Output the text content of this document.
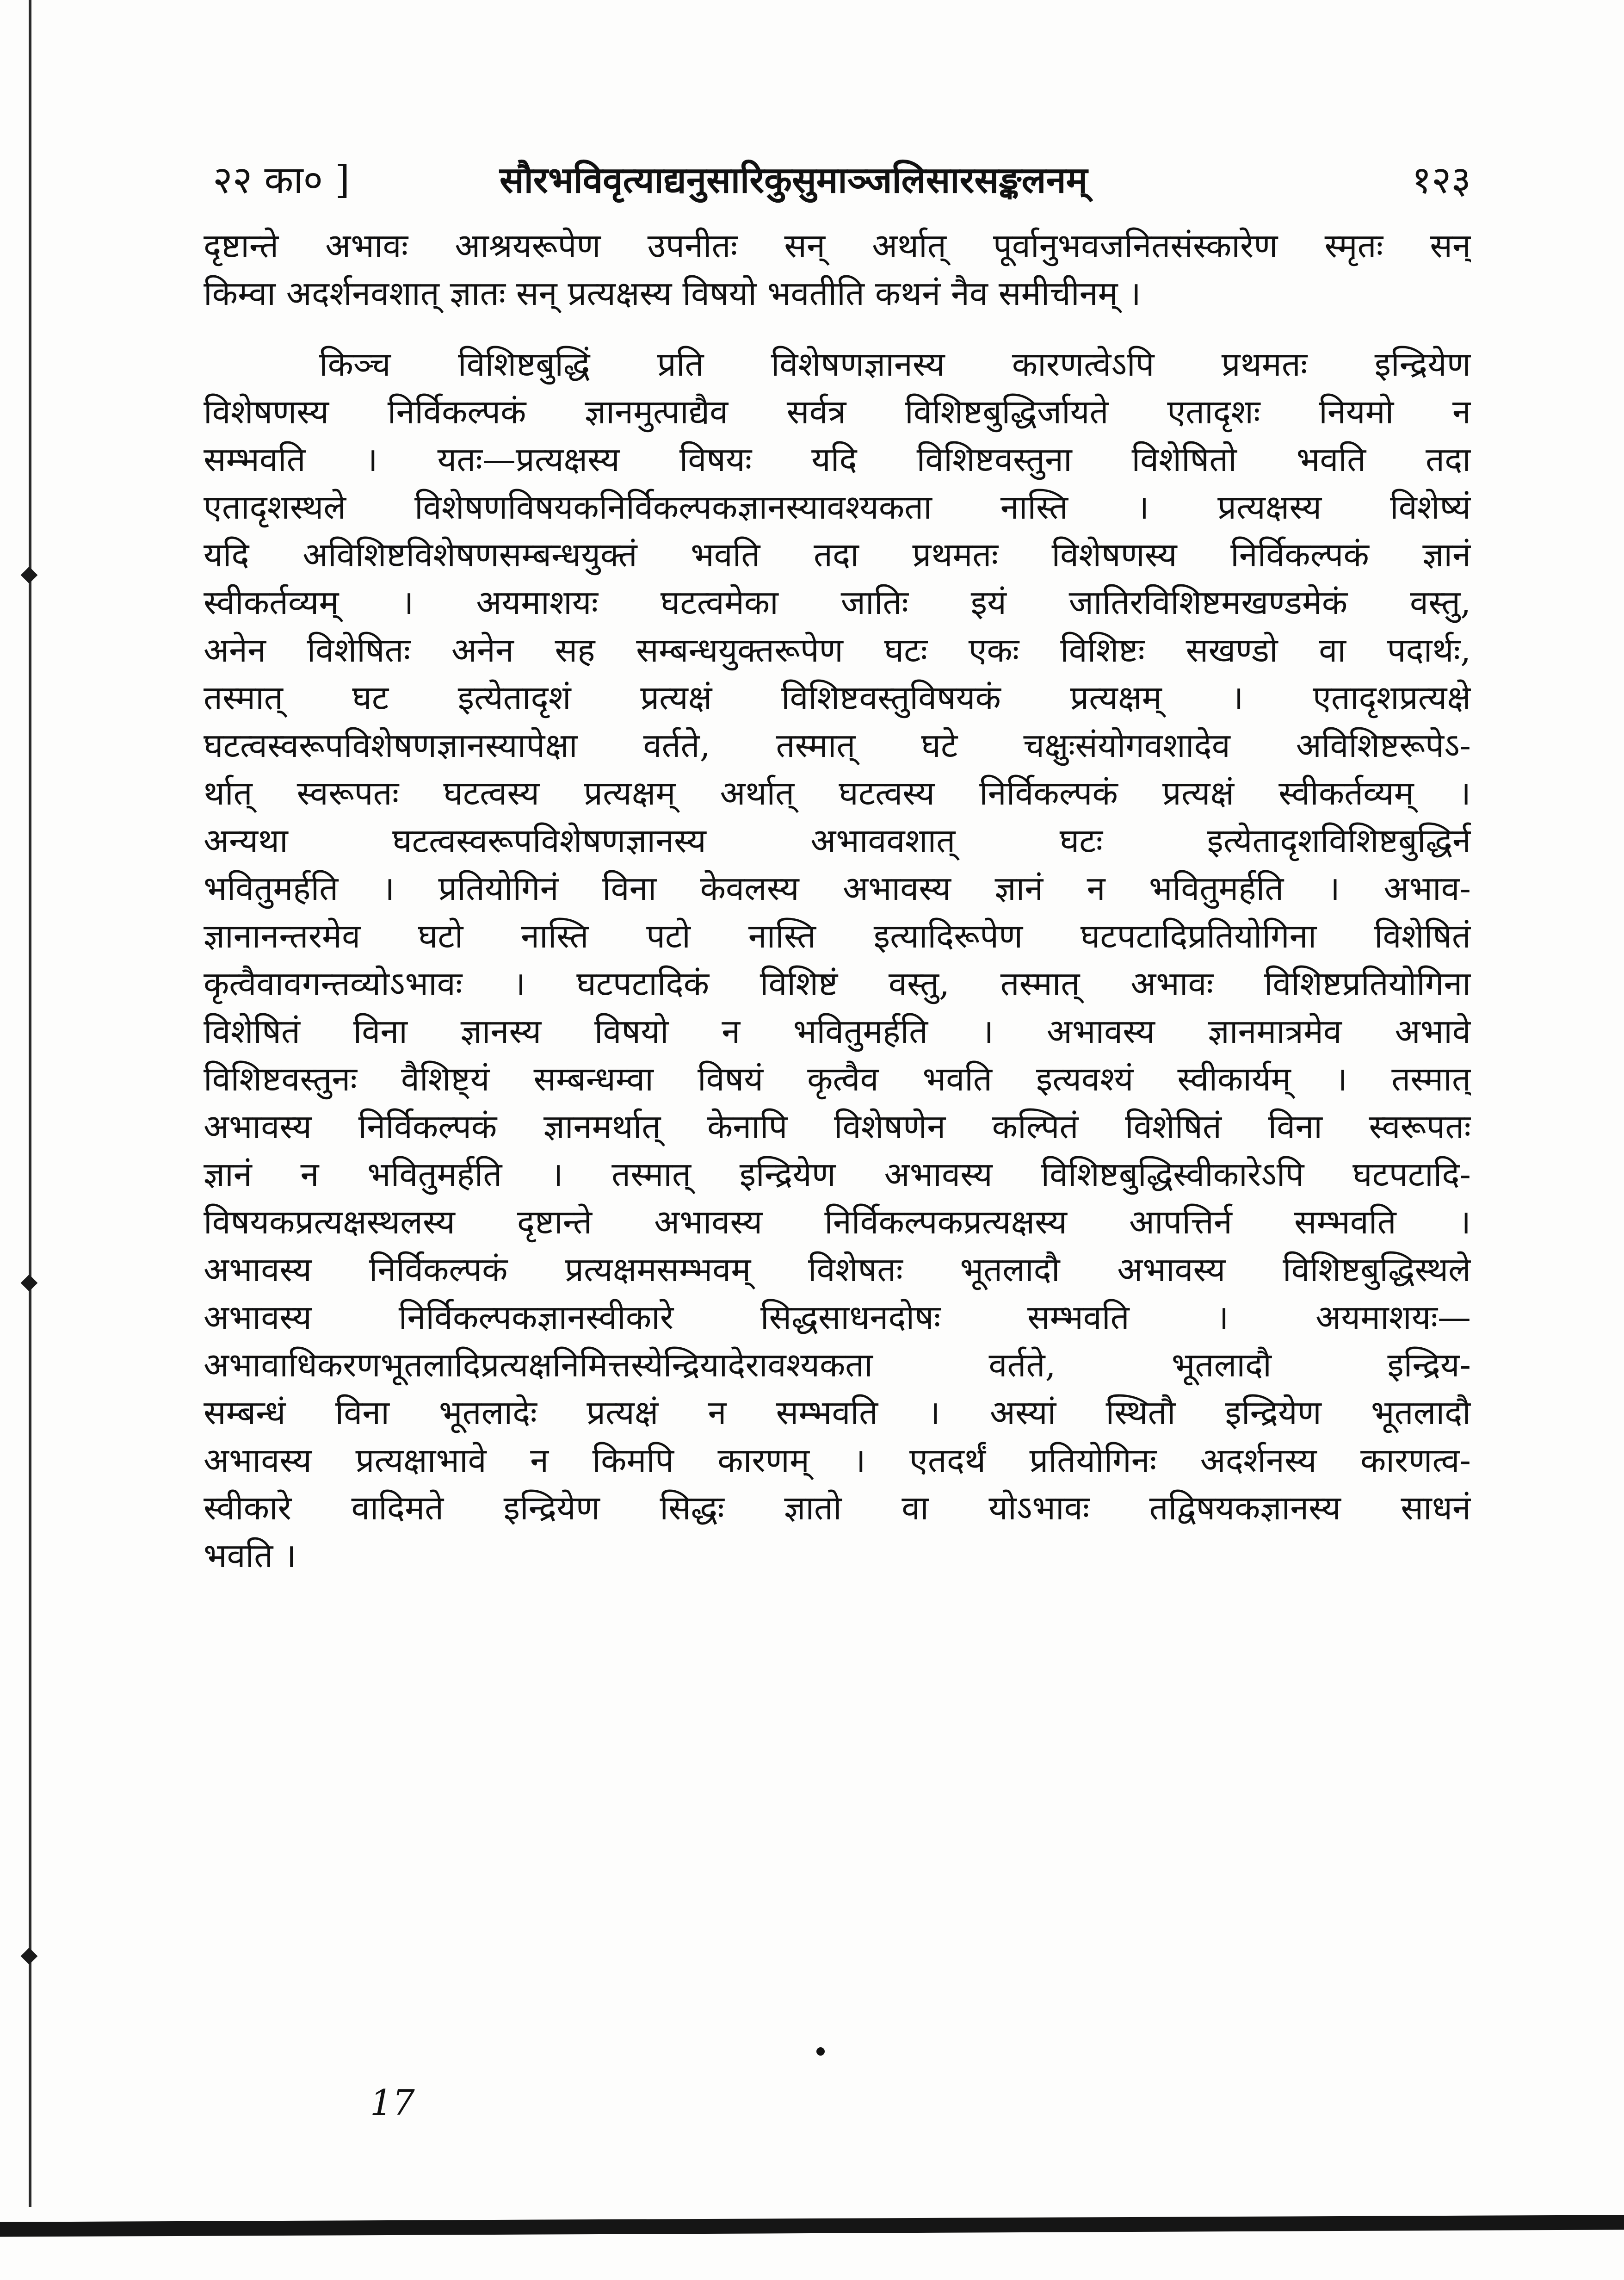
२२ का० ]	सौरभविवृत्याद्यनुसारिकुसुमाञ्जलिसारसङ्कलनम्	१२३
दृष्टान्ते अभावः आश्रयरूपेण उपनीतः सन् अर्थात् पूर्वानुभवजनितसंस्कारेण स्मृतः सन्
किम्वा अदर्शनवशात् ज्ञातः सन् प्रत्यक्षस्य विषयो भवतीति कथनं नैव समीचीनम् ।
किञ्च विशिष्टबुद्धिं प्रति विशेषणज्ञानस्य कारणत्वेऽपि प्रथमतः इन्द्रियेण
विशेषणस्य निर्विकल्पकं ज्ञानमुत्पाद्यैव सर्वत्र विशिष्टबुद्धिर्जायते एतादृशः नियमो न
सम्भवति । यतः—प्रत्यक्षस्य विषयः यदि विशिष्टवस्तुना विशेषितो भवति तदा
एतादृशस्थले विशेषणविषयकनिर्विकल्पकज्ञानस्यावश्यकता नास्ति । प्रत्यक्षस्य विशेष्यं
यदि अविशिष्टविशेषणसम्बन्धयुक्तं भवति तदा प्रथमतः विशेषणस्य निर्विकल्पकं ज्ञानं
स्वीकर्तव्यम् । अयमाशयः घटत्वमेका जातिः इयं जातिरविशिष्टमखण्डमेकं वस्तु,
अनेन विशेषितः अनेन सह सम्बन्धयुक्तरूपेण घटः एकः विशिष्टः सखण्डो वा पदार्थः,
तस्मात् घट इत्येतादृशं प्रत्यक्षं विशिष्टवस्तुविषयकं प्रत्यक्षम् । एतादृशप्रत्यक्षे
घटत्वस्वरूपविशेषणज्ञानस्यापेक्षा वर्तते, तस्मात् घटे चक्षुःसंयोगवशादेव अविशिष्टरूपेऽ-
र्थात् स्वरूपतः घटत्वस्य प्रत्यक्षम् अर्थात् घटत्वस्य निर्विकल्पकं प्रत्यक्षं स्वीकर्तव्यम् ।
अन्यथा घटत्वस्वरूपविशेषणज्ञानस्य अभाववशात् घटः इत्येतादृशविशिष्टबुद्धिर्न
भवितुमर्हति । प्रतियोगिनं विना केवलस्य अभावस्य ज्ञानं न भवितुमर्हति । अभाव-
ज्ञानानन्तरमेव घटो नास्ति पटो नास्ति इत्यादिरूपेण घटपटादिप्रतियोगिना विशेषितं
कृत्वैवावगन्तव्योऽभावः । घटपटादिकं विशिष्टं वस्तु, तस्मात् अभावः विशिष्टप्रतियोगिना
विशेषितं विना ज्ञानस्य विषयो न भवितुमर्हति । अभावस्य ज्ञानमात्रमेव अभावे
विशिष्टवस्तुनः वैशिष्ट्यं सम्बन्धम्वा विषयं कृत्वैव भवति इत्यवश्यं स्वीकार्यम् । तस्मात्
अभावस्य निर्विकल्पकं ज्ञानमर्थात् केनापि विशेषणेन कल्पितं विशेषितं विना स्वरूपतः
ज्ञानं न भवितुमर्हति । तस्मात् इन्द्रियेण अभावस्य विशिष्टबुद्धिस्वीकारेऽपि घटपटादि-
विषयकप्रत्यक्षस्थलस्य दृष्टान्ते अभावस्य निर्विकल्पकप्रत्यक्षस्य आपत्तिर्न सम्भवति ।
अभावस्य निर्विकल्पकं प्रत्यक्षमसम्भवम् विशेषतः भूतलादौ अभावस्य विशिष्टबुद्धिस्थले
अभावस्य निर्विकल्पकज्ञानस्वीकारे सिद्धसाधनदोषः सम्भवति । अयमाशयः—
अभावाधिकरणभूतलादिप्रत्यक्षनिमित्तस्येन्द्रियादेरावश्यकता वर्तते, भूतलादौ इन्द्रिय-
सम्बन्धं विना भूतलादेः प्रत्यक्षं न सम्भवति । अस्यां स्थितौ इन्द्रियेण भूतलादौ
अभावस्य प्रत्यक्षाभावे न किमपि कारणम् । एतदर्थं प्रतियोगिनः अदर्शनस्य कारणत्व-
स्वीकारे वादिमते इन्द्रियेण सिद्धः ज्ञातो वा योऽभावः तद्विषयकज्ञानस्य साधनं
भवति ।
17
